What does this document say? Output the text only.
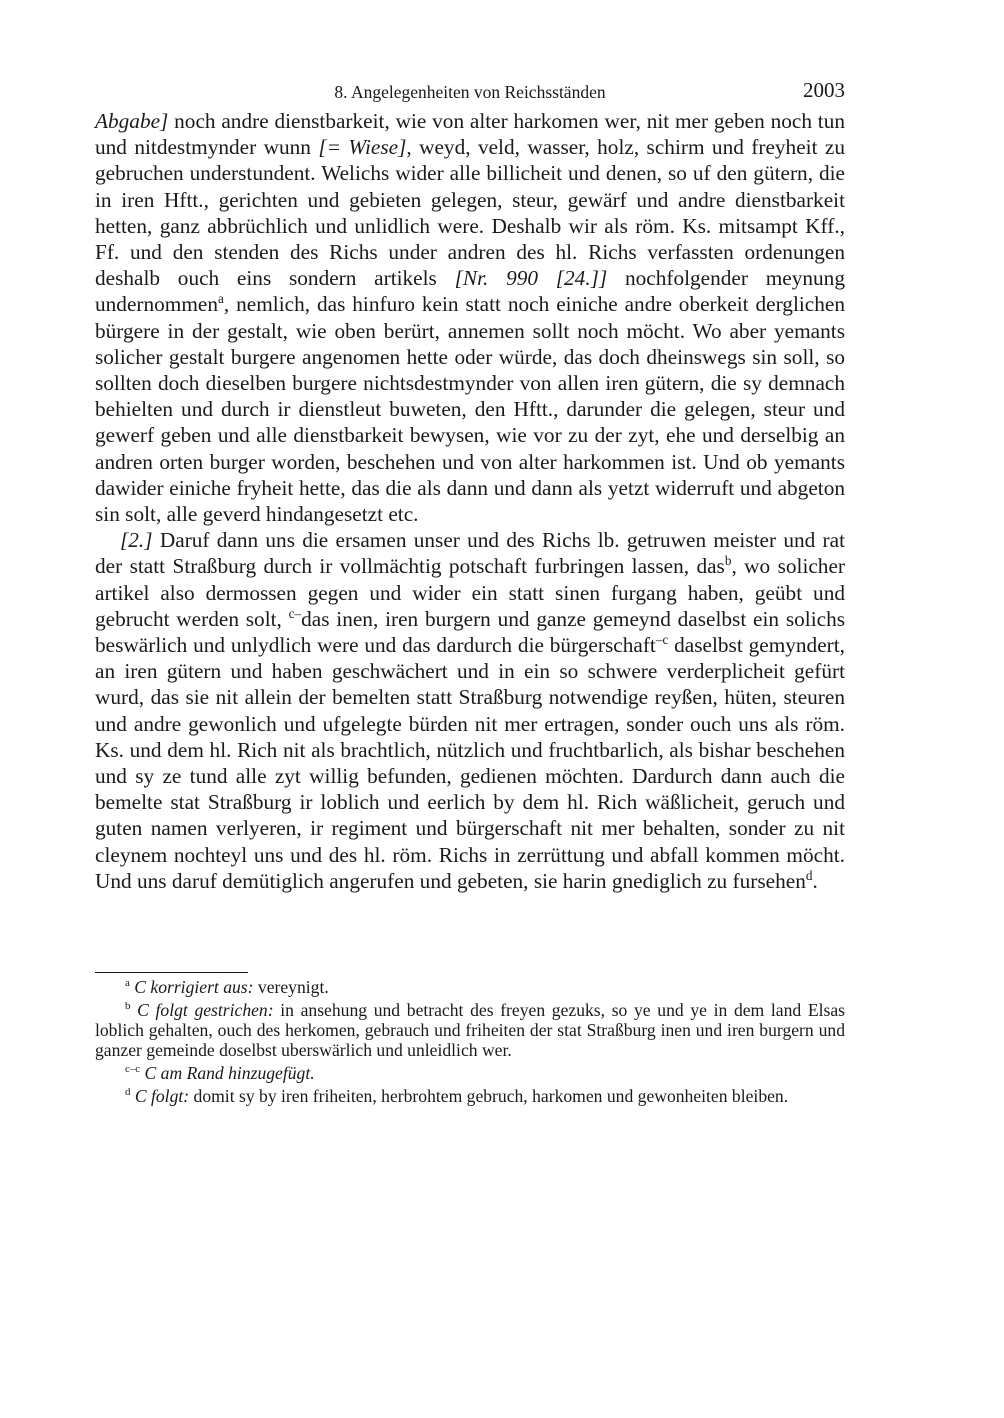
8. Angelegenheiten von Reichsständen	2003

Abgabe] noch andre dienstbarkeit, wie von alter harkomen wer, nit mer geben noch tun und nitdestmynder wunn [= Wiese], weyd, veld, wasser, holz, schirm und freyheit zu gebruchen understundent. Welichs wider alle billicheit und denen, so uf den gütern, die in iren Hftt., gerichten und gebieten gelegen, steur, gewärf und andre dienstbarkeit hetten, ganz abbrüchlich und unlidlich were. Deshalb wir als röm. Ks. mitsampt Kff., Ff. und den stenden des Richs under andren des hl. Richs verfassten ordenungen deshalb ouch eins sondern artikels [Nr. 990 [24.]] nochfolgender meynung undernommen$^a$, nemlich, das hinfuro kein statt noch einiche andre oberkeit derglichen bürgere in der gestalt, wie oben berürt, annemen sollt noch möcht. Wo aber yemants solicher gestalt burgere angenomen hette oder würde, das doch dheinswegs sin soll, so sollten doch dieselben burgere nichtsdestmynder von allen iren gütern, die sy demnach behielten und durch ir dienstleut buweten, den Hftt., darunder die gelegen, steur und gewerf geben und alle dienstbarkeit bewysen, wie vor zu der zyt, ehe und derselbig an andren orten burger worden, beschehen und von alter harkommen ist. Und ob yemants dawider einiche fryheit hette, das die als dann und dann als yetzt widerruft und abgeton sin solt, alle geverd hindangesetzt etc.

[2.] Daruf dann uns die ersamen unser und des Richs lb. getruwen meister und rat der statt Straßburg durch ir vollmächtig potschaft furbringen lassen, das$^b$, wo solicher artikel also dermossen gegen und wider ein statt sinen furgang haben, geübt und gebrucht werden solt, $^{c-}$das inen, iren burgern und ganze gemeynd daselbst ein solichs beswärlich und unlydlich were und das dardurch die bürgerschaft$^{-c}$ daselbst gemyndert, an iren gütern und haben geschwächert und in ein so schwere verderplicheit gefürt wurd, das sie nit allein der bemelten statt Straßburg notwendige reyßen, hüten, steuren und andre gewonlich und ufgelegte bürden nit mer ertragen, sonder ouch uns als röm. Ks. und dem hl. Rich nit als brachtlich, nützlich und fruchtbarlich, als bishar beschehen und sy ze tund alle zyt willig befunden, gedienen möchten. Dardurch dann auch die bemelte stat Straßburg ir loblich und eerlich by dem hl. Rich wäßlicheit, geruch und guten namen verlyeren, ir regiment und bürgerschaft nit mer behalten, sonder zu nit cleynem nochteyl uns und des hl. röm. Richs in zerrüttung und abfall kommen möcht. Und uns daruf demütiglich angerufen und gebeten, sie harin gnediglich zu fursehen$^d$.

$^a$ C korrigiert aus: vereynigt.

$^b$ C folgt gestrichen: in ansehung und betracht des freyen gezuks, so ye und ye in dem land Elsas loblich gehalten, ouch des herkomen, gebrauch und friheiten der stat Straßburg inen und iren burgern und ganzer gemeinde doselbst uberswärlich und unleidlich wer.

$^{c-c}$ C am Rand hinzugefügt.

$^d$ C folgt: domit sy by iren friheiten, herbrohtem gebruch, harkomen und gewonheiten bleiben.
